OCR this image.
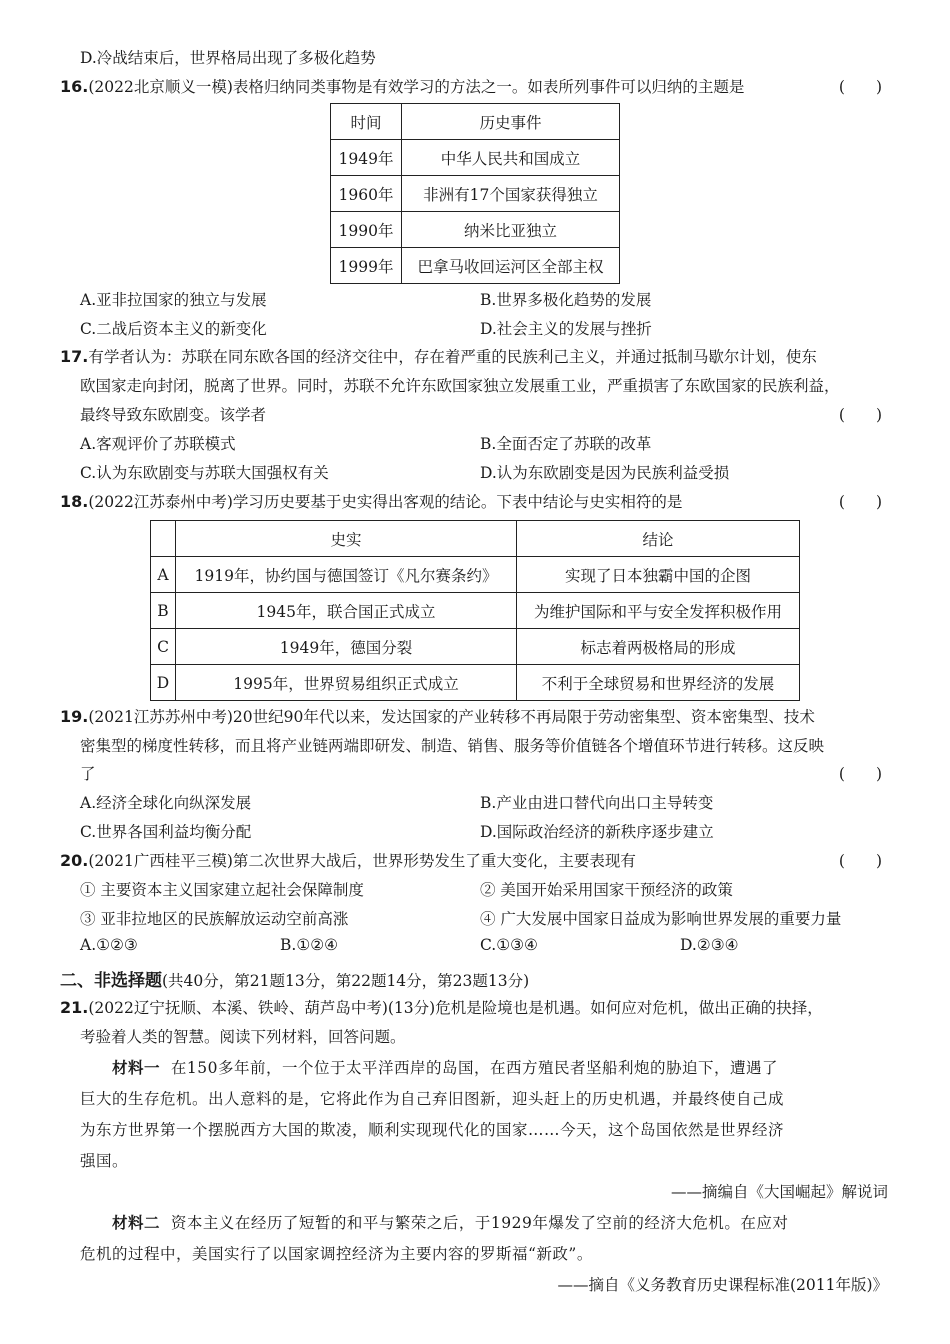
D.冷战结束后，世界格局出现了多极化趋势
16.(2022北京顺义一模)表格归纳同类事物是有效学习的方法之一。如表所列事件可以归纳的主题是	(　　)
时间	历史事件
1949年	中华人民共和国成立
1960年	非洲有17个国家获得独立
1990年	纳米比亚独立
1999年	巴拿马收回运河区全部主权
A.亚非拉国家的独立与发展	B.世界多极化趋势的发展
C.二战后资本主义的新变化	D.社会主义的发展与挫折
17.有学者认为：苏联在同东欧各国的经济交往中，存在着严重的民族利己主义，并通过抵制马歇尔计划，使东
欧国家走向封闭，脱离了世界。同时，苏联不允许东欧国家独立发展重工业，严重损害了东欧国家的民族利益，
最终导致东欧剧变。该学者	(　　)
A.客观评价了苏联模式	B.全面否定了苏联的改革
C.认为东欧剧变与苏联大国强权有关	D.认为东欧剧变是因为民族利益受损
18.(2022江苏泰州中考)学习历史要基于史实得出客观的结论。下表中结论与史实相符的是	(　　)
	史实	结论
A	1919年，协约国与德国签订《凡尔赛条约》	实现了日本独霸中国的企图
B	1945年，联合国正式成立	为维护国际和平与安全发挥积极作用
C	1949年，德国分裂	标志着两极格局的形成
D	1995年，世界贸易组织正式成立	不利于全球贸易和世界经济的发展
19.(2021江苏苏州中考)20世纪90年代以来，发达国家的产业转移不再局限于劳动密集型、资本密集型、技术
密集型的梯度性转移，而且将产业链两端即研发、制造、销售、服务等价值链各个增值环节进行转移。这反映
了	(　　)
A.经济全球化向纵深发展	B.产业由进口替代向出口主导转变
C.世界各国利益均衡分配	D.国际政治经济的新秩序逐步建立
20.(2021广西桂平三模)第二次世界大战后，世界形势发生了重大变化，主要表现有	(　　)
① 主要资本主义国家建立起社会保障制度	② 美国开始采用国家干预经济的政策
③ 亚非拉地区的民族解放运动空前高涨	④ 广大发展中国家日益成为影响世界发展的重要力量
A.①②③	B.①②④	C.①③④	D.②③④
二、非选择题(共40分，第21题13分，第22题14分，第23题13分)
21.(2022辽宁抚顺、本溪、铁岭、葫芦岛中考)(13分)危机是险境也是机遇。如何应对危机，做出正确的抉择，
考验着人类的智慧。阅读下列材料，回答问题。
材料一 在150多年前，一个位于太平洋西岸的岛国，在西方殖民者坚船利炮的胁迫下，遭遇了
巨大的生存危机。出人意料的是，它将此作为自己弃旧图新，迎头赶上的历史机遇，并最终使自己成
为东方世界第一个摆脱西方大国的欺凌，顺利实现现代化的国家……今天，这个岛国依然是世界经济
强国。
——摘编自《大国崛起》解说词
材料二 资本主义在经历了短暂的和平与繁荣之后，于1929年爆发了空前的经济大危机。在应对
危机的过程中，美国实行了以国家调控经济为主要内容的罗斯福“新政”。
——摘自《义务教育历史课程标准(2011年版)》
